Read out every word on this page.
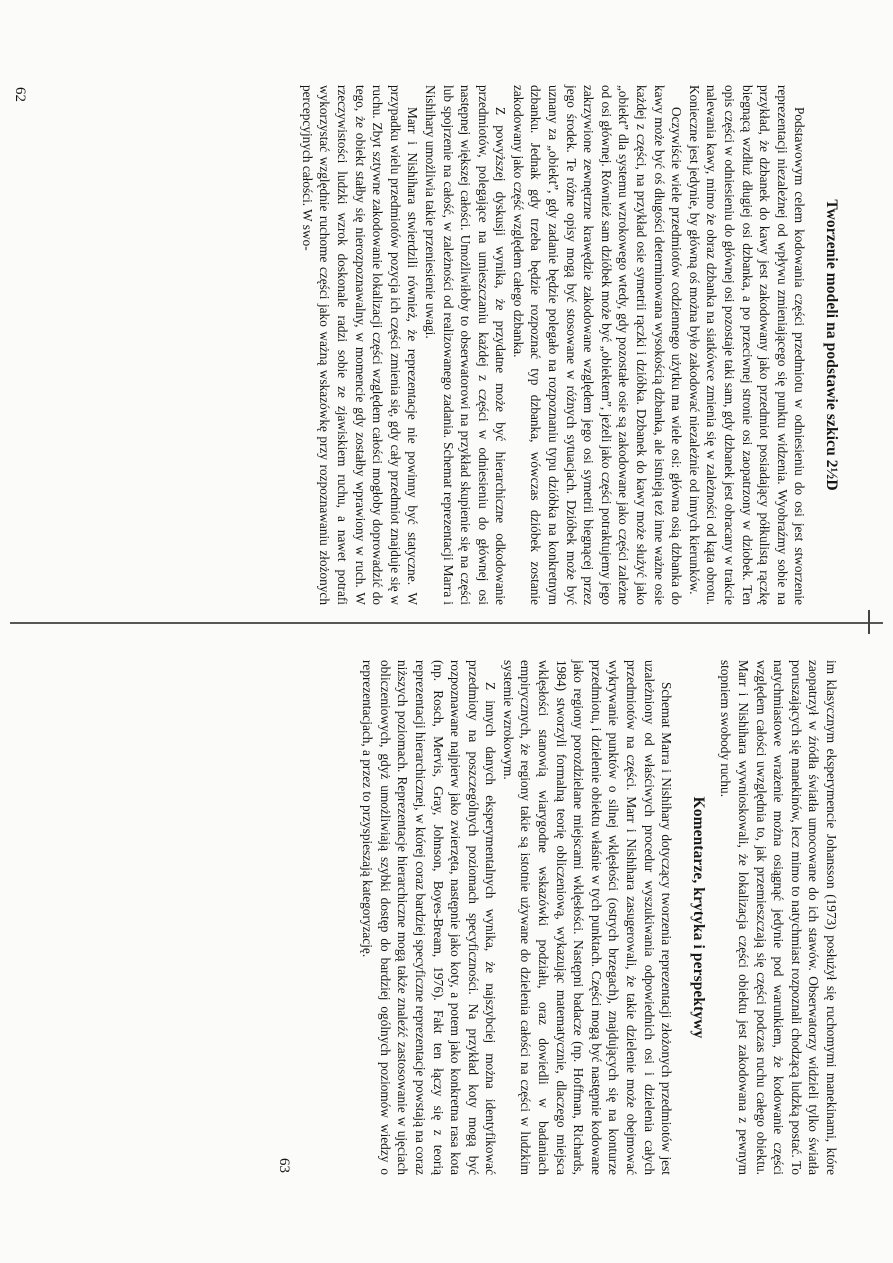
Tworzenie modeli na podstawie szkicu 2½D

Podstawowym celem kodowania części przedmiotu w odniesieniu do osi jest stworzenie reprezentacji niezależnej od wpływu zmieniającego się punktu widzenia. Wyobraźmy sobie na przykład, że dzbanek do kawy jest zakodowany jako przedmiot posiadający półkulistą rączkę biegnącą wzdłuż długiej osi dzbanka, a po przeciwnej stronie osi zaopatrzony w dziobek. Ten opis części w odniesieniu do głównej osi pozostaje taki sam, gdy dzbanek jest obracany w trakcie nalewania kawy, mimo że obraz dzbanka na siatkówce zmienia się w zależności od kąta obrotu. Konieczne jest jedynie, by główną oś można było zakodować niezależnie od innych kierunków.

Oczywiście wiele przedmiotów codziennego użytku ma wiele osi: główna osią dzbanka do kawy może być oś długości determinowana wysokością dzbanka, ale istnieją też inne ważne osie każdej z części, na przykład osie symetrii rączki i dzióbka. Dzbanek do kawy może służyć jako „obiekt” dla systemu wzrokowego wtedy, gdy pozostałe osie są zakodowane jako części zależne od osi głównej. Również sam dzióbek może być „obiektem”, jeżeli jako części potraktujemy jego zakrzywione zewnętrzne krawędzie zakodowane względem jego osi symetrii biegnącej przez jego środek. Te różne opisy mogą być stosowane w różnych sytuacjach. Dzióbek może być uznany za „obiekt”, gdy zadanie będzie polegało na rozpoznaniu typu dzióbka na konkretnym dzbanku. Jednak gdy trzeba będzie rozpoznać typ dzbanka, wówczas dzióbek zostanie zakodowany jako część względem całego dzbanka.

Z powyższej dyskusji wynika, że przydatne może być hierarchiczne odkodowanie przedmiotów, polegające na umieszczaniu każdej z części w odniesieniu do głównej osi następnej większej całości. Umożliwiłoby to obserwatorowi na przykład skupienie się na części lub spojrzenie na całość, w zależności od realizowanego zadania. Schemat reprezentacji Marra i Nishihary umożliwia takie przeniesienie uwagi.

Marr i Nishihara stwierdzili również, że reprezentacje nie powinny być statyczne. W przypadku wielu przedmiotów pozycja ich części zmienia się, gdy cały przedmiot znajduje się w ruchu. Zbyt sztywne zakodowanie lokalizacji części względem całości mogłoby doprowadzić do tego, że obiekt stałby się nierozpoznawalny, w momencie gdy zostałby wprawiony w ruch. W rzeczywistości ludzki wzrok doskonale radzi sobie ze zjawiskiem ruchu, a nawet potrafi wykorzystać względnie ruchome części jako ważną wskazówkę przy rozpoznawaniu złożonych percepcyjnych całości. W swo-

62

im klasycznym eksperymencie Johansson (1973) posłużył się ruchomymi manekinami, które zaopatrzył w źródła światła umocowane do ich stawów. Obserwatorzy widzieli tylko światła poruszających się manekinów, lecz mimo to natychmiast rozpoznali chodzącą ludzką postać. To natychmiastowe wrażenie można osiągnąć jedynie pod warunkiem, że kodowanie części względem całości uwzględnia to, jak przemieszczają się części podczas ruchu całego obiektu. Marr i Nishihara wywnioskowali, że lokalizacja części obiektu jest zakodowana z pewnym stopniem swobody ruchu.

Komentarze, krytyka i perspektywy

Schemat Marra i Nishihary dotyczący tworzenia reprezentacji złożonych przedmiotów jest uzależniony od właściwych procedur wyszukiwania odpowiednich osi i dzielenia całych przedmiotów na części. Marr i Nishihara zasugerowali, że takie dzielenie może obejmować wykrywanie punktów o silnej wklęsłości (ostrych brzegach), znajdujących się na konturze przedmiotu, i dzielenie obiektu właśnie w tych punktach. Części mogą być następnie kodowane jako regiony porozdzielane miejscami wklęsłości. Następni badacze (np. Hoffman, Richards, 1984) stworzyli formalną teorię obliczeniową, wykazując matematycznie, dlaczego miejsca wklęsłości stanowią wiarygodne wskazówki podziału, oraz dowiedli w badaniach empirycznych, że regiony takie są istotnie używane do dzielenia całości na części w ludzkim systemie wzrokowym.

Z innych danych eksperymentalnych wynika, że najszybciej można identyfikować przedmioty na poszczególnych poziomach specyficzności. Na przykład koty mogą być rozpoznawane najpierw jako zwierzęta, następnie jako koty, a potem jako konkretna rasa kota (np. Rosch, Mervis, Gray, Johnson, Boyes-Bream, 1976). Fakt ten łączy się z teorią reprezentacji hierarchicznej, w której coraz bardziej specyficzne reprezentacje powstają na coraz niższych poziomach. Reprezentacje hierarchiczne mogą także znaleźć zastosowanie w ujęciach obliczeniowych, gdyż umożliwiają szybki dostęp do bardziej ogólnych poziomów wiedzy o reprezentacjach, a przez to przyspieszają kategoryzację.

63
